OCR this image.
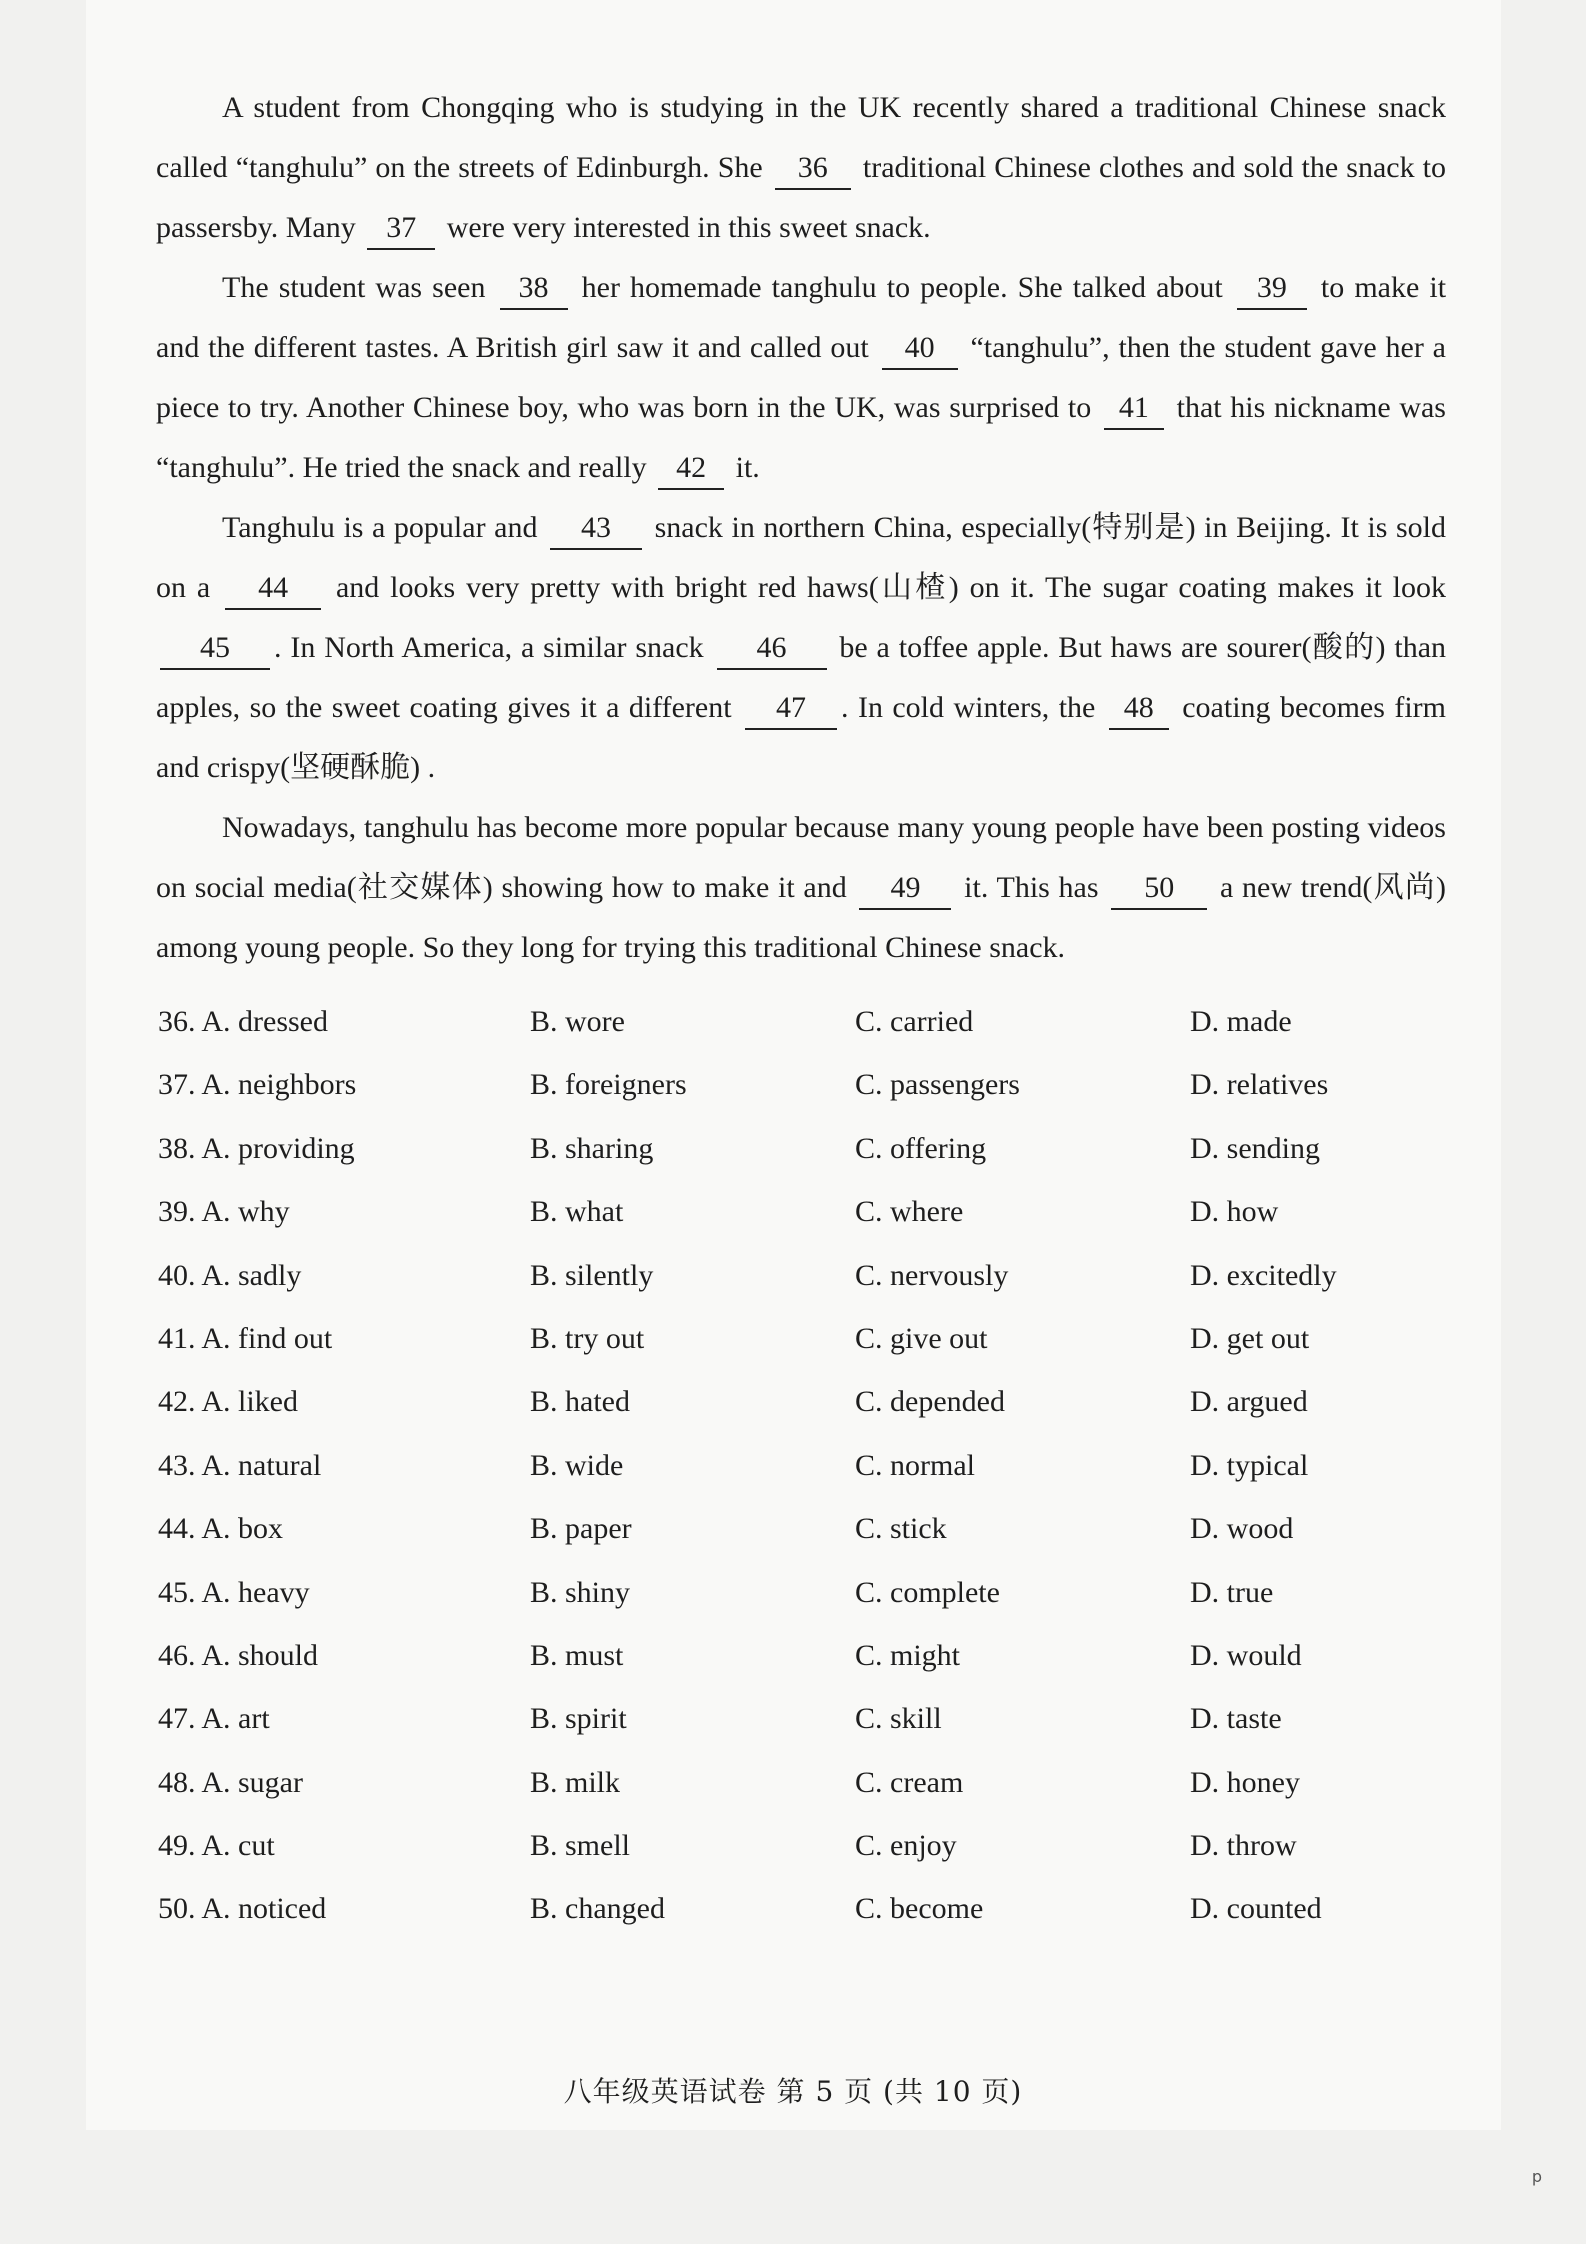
A student from Chongqing who is studying in the UK recently shared a traditional Chinese snack called “tanghulu” on the streets of Edinburgh. She 36 traditional Chinese clothes and sold the snack to passersby. Many 37 were very interested in this sweet snack.

The student was seen 38 her homemade tanghulu to people. She talked about 39 to make it and the different tastes. A British girl saw it and called out 40 “tanghulu”, then the student gave her a piece to try. Another Chinese boy, who was born in the UK, was surprised to 41 that his nickname was “tanghulu”. He tried the snack and really 42 it.

Tanghulu is a popular and 43 snack in northern China, especially(特别是) in Beijing. It is sold on a 44 and looks very pretty with bright red haws(山楂) on it. The sugar coating makes it look 45 . In North America, a similar snack 46 be a toffee apple. But haws are sourer(酸的) than apples, so the sweet coating gives it a different 47 . In cold winters, the 48 coating becomes firm and crispy(坚硬酥脆) .

Nowadays, tanghulu has become more popular because many young people have been posting videos on social media(社交媒体) showing how to make it and 49 it. This has 50 a new trend(风尚) among young people. So they long for trying this traditional Chinese snack.

36. A. dressed	B. wore	C. carried	D. made
37. A. neighbors	B. foreigners	C. passengers	D. relatives
38. A. providing	B. sharing	C. offering	D. sending
39. A. why	B. what	C. where	D. how
40. A. sadly	B. silently	C. nervously	D. excitedly
41. A. find out	B. try out	C. give out	D. get out
42. A. liked	B. hated	C. depended	D. argued
43. A. natural	B. wide	C. normal	D. typical
44. A. box	B. paper	C. stick	D. wood
45. A. heavy	B. shiny	C. complete	D. true
46. A. should	B. must	C. might	D. would
47. A. art	B. spirit	C. skill	D. taste
48. A. sugar	B. milk	C. cream	D. honey
49. A. cut	B. smell	C. enjoy	D. throw
50. A. noticed	B. changed	C. become	D. counted
八年级英语试卷 第 5 页 (共 10 页)
p
